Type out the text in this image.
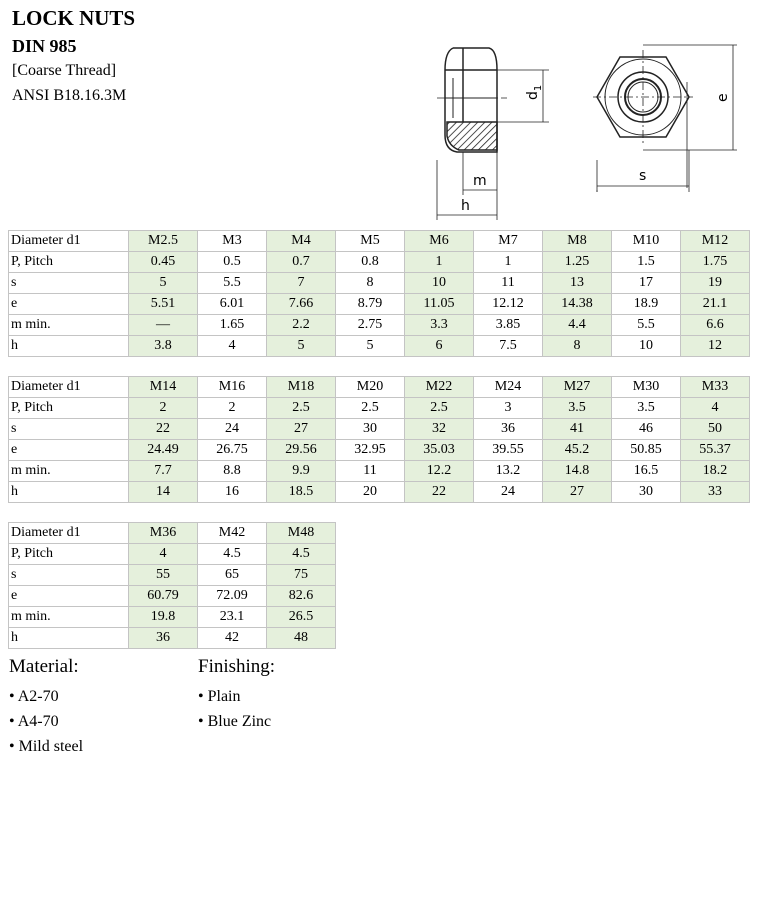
LOCK NUTS
DIN 985
[Coarse Thread]
ANSI B18.16.3M
m
h
s
$d_1$
e
Diameter d1	M2.5	M3	M4	M5	M6	M7	M8	M10	M12
P, Pitch	0.45	0.5	0.7	0.8	1	1	1.25	1.5	1.75
s	5	5.5	7	8	10	11	13	17	19
e	5.51	6.01	7.66	8.79	11.05	12.12	14.38	18.9	21.1
m min.	—	1.65	2.2	2.75	3.3	3.85	4.4	5.5	6.6
h	3.8	4	5	5	6	7.5	8	10	12
Diameter d1	M14	M16	M18	M20	M22	M24	M27	M30	M33
P, Pitch	2	2	2.5	2.5	2.5	3	3.5	3.5	4
s	22	24	27	30	32	36	41	46	50
e	24.49	26.75	29.56	32.95	35.03	39.55	45.2	50.85	55.37
m min.	7.7	8.8	9.9	11	12.2	13.2	14.8	16.5	18.2
h	14	16	18.5	20	22	24	27	30	33
Diameter d1	M36	M42	M48
P, Pitch	4	4.5	4.5
s	55	65	75
e	60.79	72.09	82.6
m min.	19.8	23.1	26.5
h	36	42	48
Material:
• A2-70
• A4-70
• Mild steel
Finishing:
• Plain
• Blue Zinc
